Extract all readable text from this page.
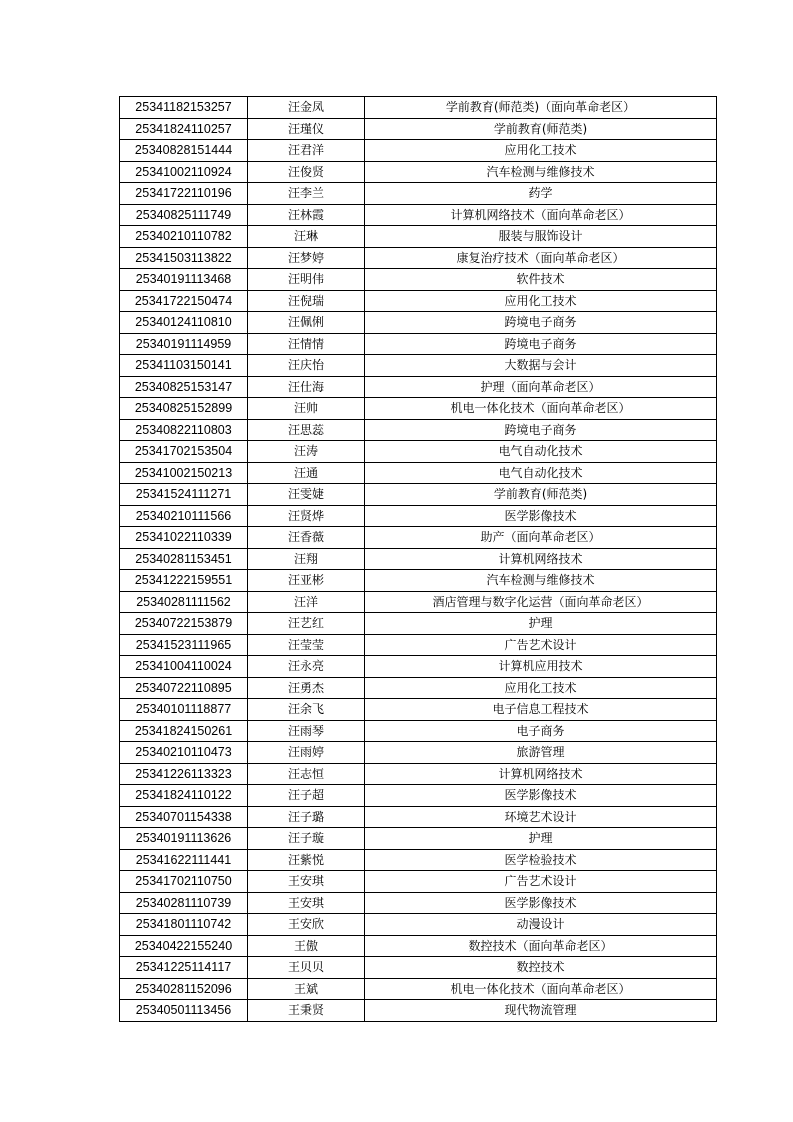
25341182153257	汪金凤	学前教育(师范类)（面向革命老区）
25341824110257	汪瑾仪	学前教育(师范类)
25340828151444	汪君洋	应用化工技术
25341002110924	汪俊贤	汽车检测与维修技术
25341722110196	汪李兰	药学
25340825111749	汪林霞	计算机网络技术（面向革命老区）
25340210110782	汪琳	服装与服饰设计
25341503113822	汪梦婷	康复治疗技术（面向革命老区）
25340191113468	汪明伟	软件技术
25341722150474	汪倪瑞	应用化工技术
25340124110810	汪佩俐	跨境电子商务
25340191114959	汪情情	跨境电子商务
25341103150141	汪庆怡	大数据与会计
25340825153147	汪仕海	护理（面向革命老区）
25340825152899	汪帅	机电一体化技术（面向革命老区）
25340822110803	汪思蕊	跨境电子商务
25341702153504	汪涛	电气自动化技术
25341002150213	汪通	电气自动化技术
25341524111271	汪雯婕	学前教育(师范类)
25340210111566	汪贤烨	医学影像技术
25341022110339	汪香薇	助产（面向革命老区）
25340281153451	汪翔	计算机网络技术
25341222159551	汪亚彬	汽车检测与维修技术
25340281111562	汪洋	酒店管理与数字化运营（面向革命老区）
25340722153879	汪艺红	护理
25341523111965	汪莹莹	广告艺术设计
25341004110024	汪永亮	计算机应用技术
25340722110895	汪勇杰	应用化工技术
25340101118877	汪余飞	电子信息工程技术
25341824150261	汪雨琴	电子商务
25340210110473	汪雨婷	旅游管理
25341226113323	汪志恒	计算机网络技术
25341824110122	汪子超	医学影像技术
25340701154338	汪子璐	环境艺术设计
25340191113626	汪子璇	护理
25341622111441	汪紫悦	医学检验技术
25341702110750	王安琪	广告艺术设计
25340281110739	王安琪	医学影像技术
25341801110742	王安欣	动漫设计
25340422155240	王傲	数控技术（面向革命老区）
25341225114117	王贝贝	数控技术
25340281152096	王斌	机电一体化技术（面向革命老区）
25340501113456	王秉贤	现代物流管理
